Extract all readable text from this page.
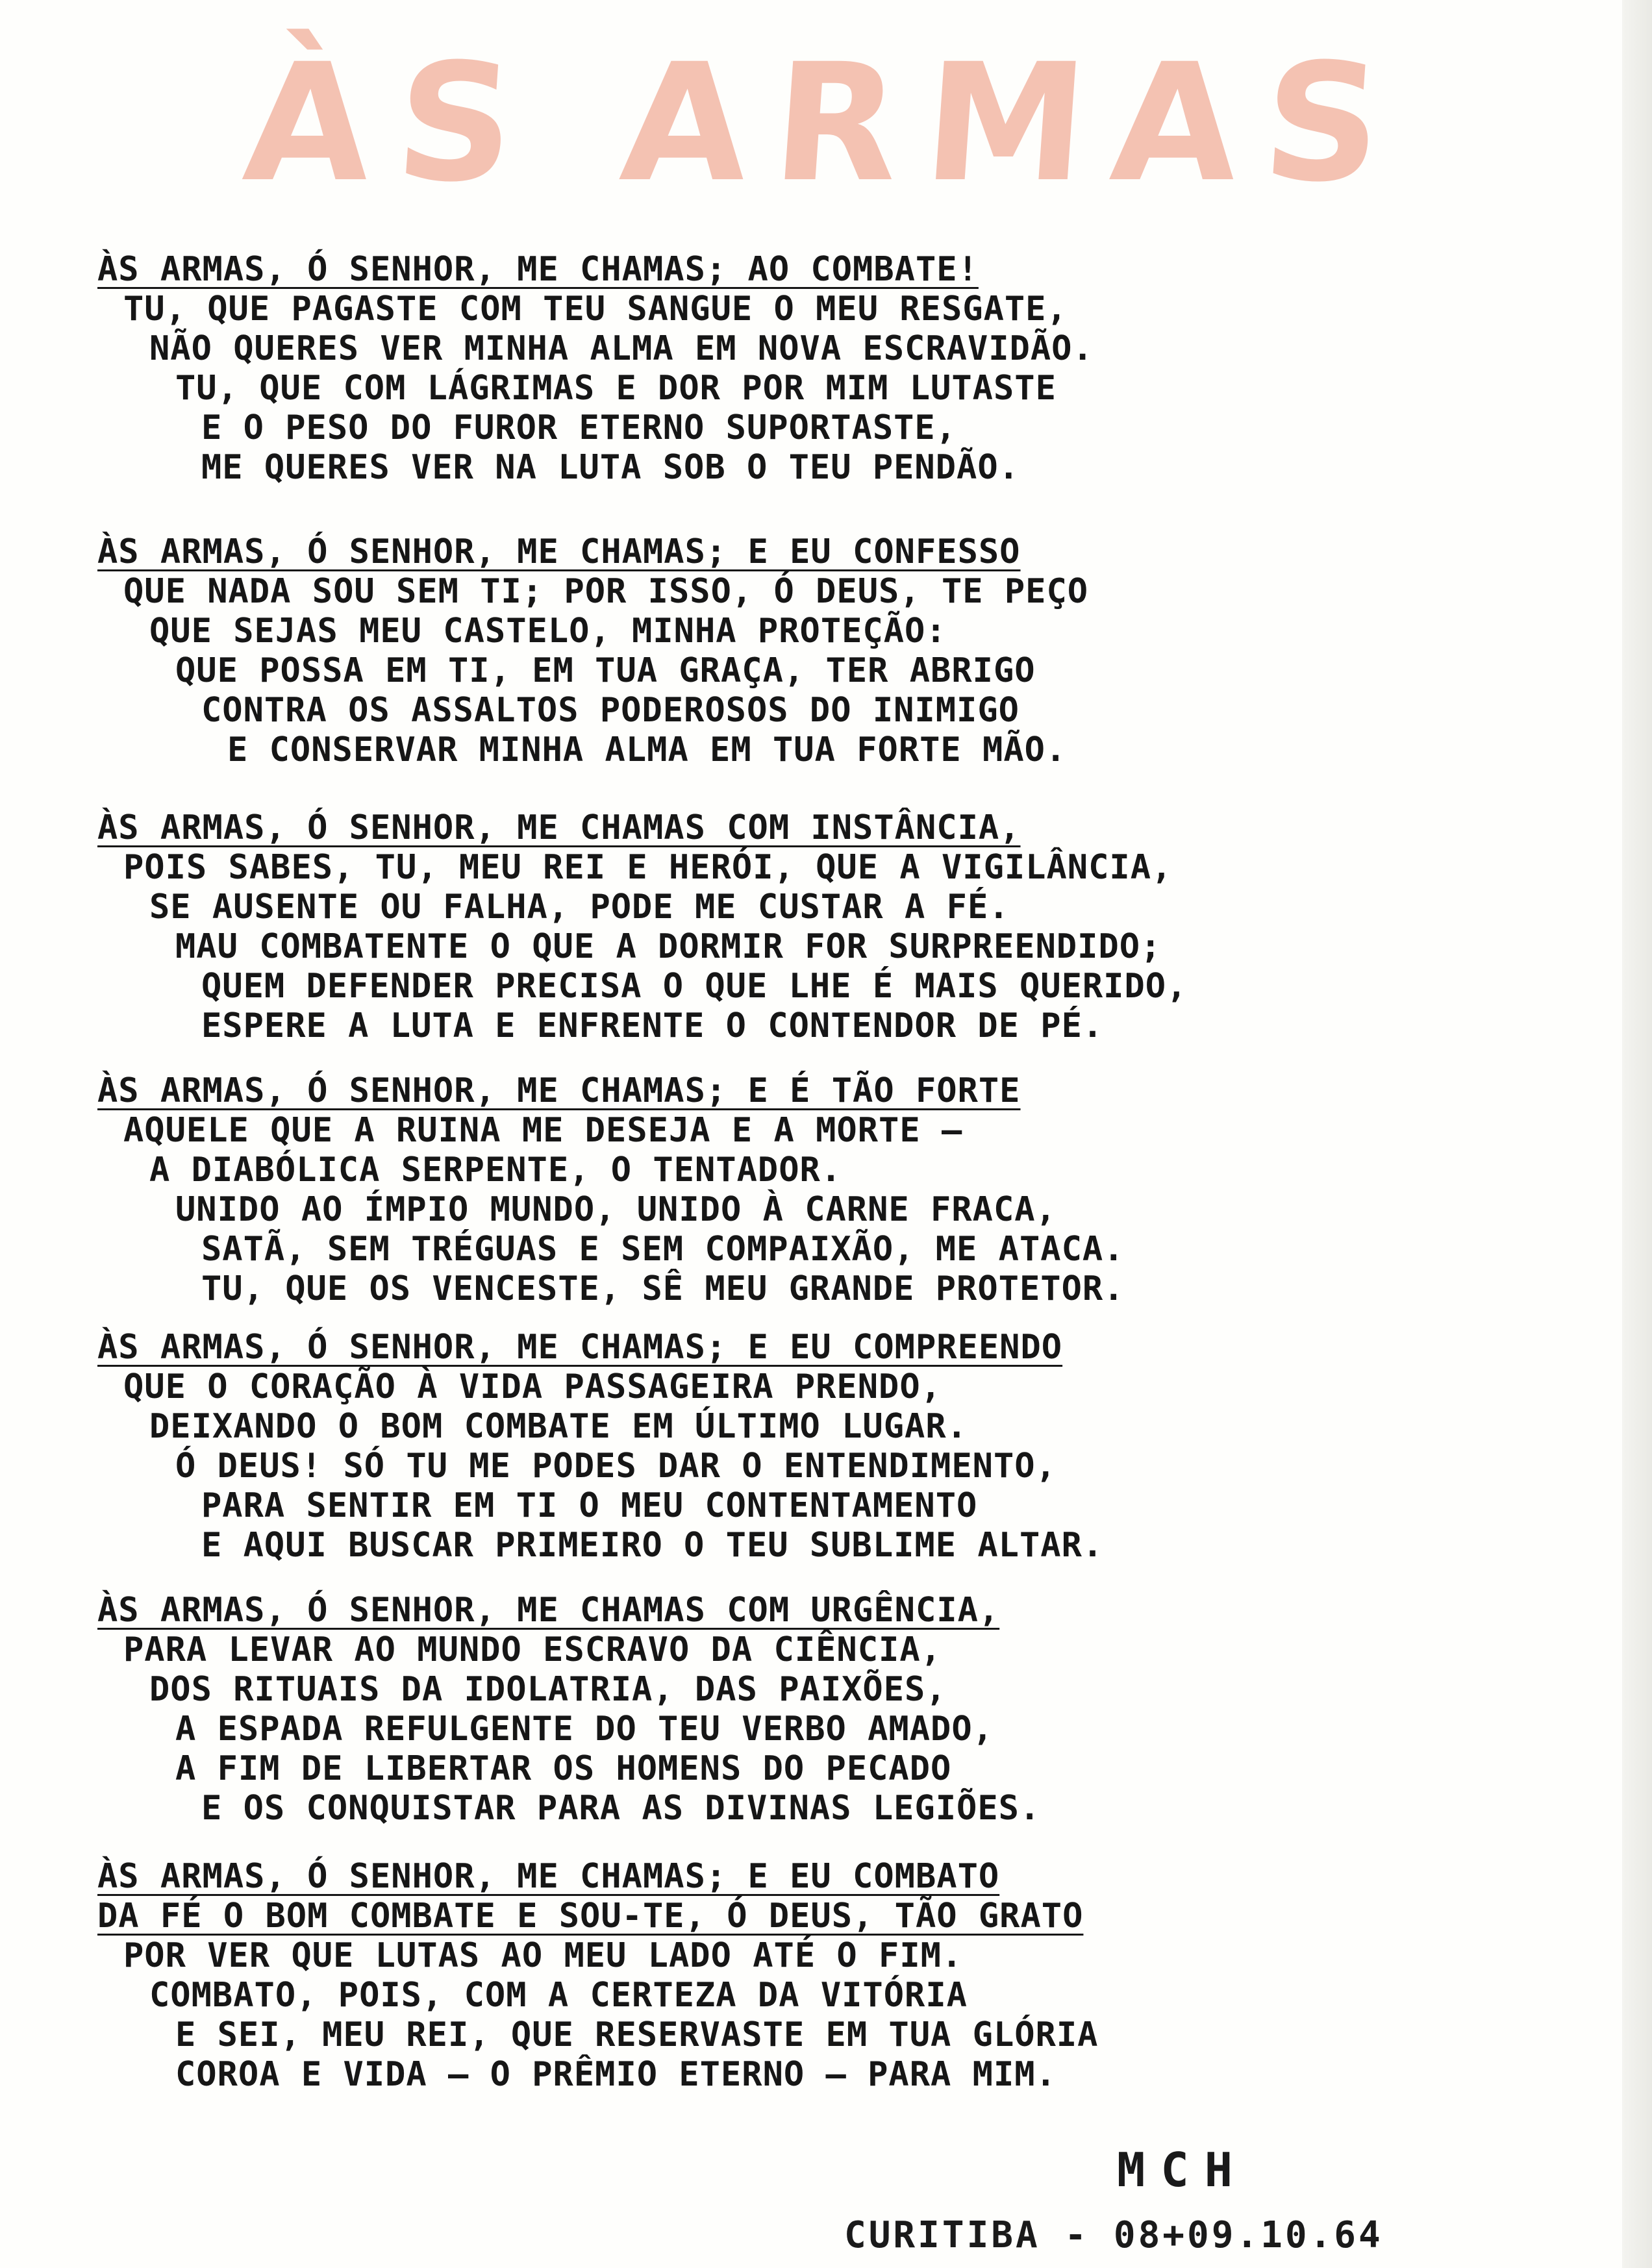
ÀS ARMAS
ÀS ARMAS, Ó SENHOR, ME CHAMAS; AO COMBATE!
TU, QUE PAGASTE COM TEU SANGUE O MEU RESGATE,
NÃO QUERES VER MINHA ALMA EM NOVA ESCRAVIDÃO.
TU, QUE COM LÁGRIMAS E DOR POR MIM LUTASTE
E O PESO DO FUROR ETERNO SUPORTASTE,
ME QUERES VER NA LUTA SOB O TEU PENDÃO.
ÀS ARMAS, Ó SENHOR, ME CHAMAS; E EU CONFESSO
QUE NADA SOU SEM TI; POR ISSO, Ó DEUS, TE PEÇO
QUE SEJAS MEU CASTELO, MINHA PROTEÇÃO:
QUE POSSA EM TI, EM TUA GRAÇA, TER ABRIGO
CONTRA OS ASSALTOS PODEROSOS DO INIMIGO
E CONSERVAR MINHA ALMA EM TUA FORTE MÃO.
ÀS ARMAS, Ó SENHOR, ME CHAMAS COM INSTÂNCIA,
POIS SABES, TU, MEU REI E HERÓI, QUE A VIGILÂNCIA,
SE AUSENTE OU FALHA, PODE ME CUSTAR A FÉ.
MAU COMBATENTE O QUE A DORMIR FOR SURPREENDIDO;
QUEM DEFENDER PRECISA O QUE LHE É MAIS QUERIDO,
ESPERE A LUTA E ENFRENTE O CONTENDOR DE PÉ.
ÀS ARMAS, Ó SENHOR, ME CHAMAS; E É TÃO FORTE
AQUELE QUE A RUINA ME DESEJA E A MORTE —
A DIABÓLICA SERPENTE, O TENTADOR.
UNIDO AO ÍMPIO MUNDO, UNIDO À CARNE FRACA,
SATÃ, SEM TRÉGUAS E SEM COMPAIXÃO, ME ATACA.
TU, QUE OS VENCESTE, SÊ MEU GRANDE PROTETOR.
ÀS ARMAS, Ó SENHOR, ME CHAMAS; E EU COMPREENDO
QUE O CORAÇÃO À VIDA PASSAGEIRA PRENDO,
DEIXANDO O BOM COMBATE EM ÚLTIMO LUGAR.
Ó DEUS! SÓ TU ME PODES DAR O ENTENDIMENTO,
PARA SENTIR EM TI O MEU CONTENTAMENTO
E AQUI BUSCAR PRIMEIRO O TEU SUBLIME ALTAR.
ÀS ARMAS, Ó SENHOR, ME CHAMAS COM URGÊNCIA,
PARA LEVAR AO MUNDO ESCRAVO DA CIÊNCIA,
DOS RITUAIS DA IDOLATRIA, DAS PAIXÕES,
A ESPADA REFULGENTE DO TEU VERBO AMADO,
A FIM DE LIBERTAR OS HOMENS DO PECADO
E OS CONQUISTAR PARA AS DIVINAS LEGIÕES.
ÀS ARMAS, Ó SENHOR, ME CHAMAS; E EU COMBATO
DA FÉ O BOM COMBATE E SOU-TE, Ó DEUS, TÃO GRATO
POR VER QUE LUTAS AO MEU LADO ATÉ O FIM.
COMBATO, POIS, COM A CERTEZA DA VITÓRIA
E SEI, MEU REI, QUE RESERVASTE EM TUA GLÓRIA
COROA E VIDA — O PRÊMIO ETERNO — PARA MIM.
MCH
CURITIBA - 08+09.10.64
